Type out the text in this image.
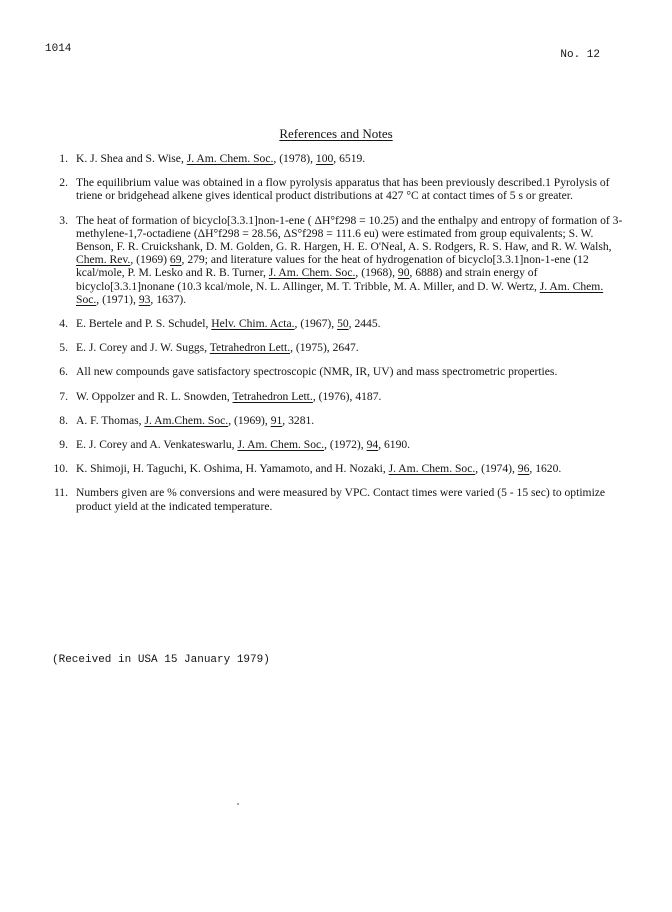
1014	No. 12
References and Notes
1. K. J. Shea and S. Wise, J. Am. Chem. Soc., (1978), 100, 6519.
2. The equilibrium value was obtained in a flow pyrolysis apparatus that has been previously described.1 Pyrolysis of triene or bridgehead alkene gives identical product distributions at 427 °C at contact times of 5 s or greater.
3. The heat of formation of bicyclo[3.3.1]non-1-ene ( ΔH°f298 = 10.25) and the enthalpy and entropy of formation of 3-methylene-1,7-octadiene (ΔH°f298 = 28.56, ΔS°f298 = 111.6 eu) were estimated from group equivalents; S. W. Benson, F. R. Cruickshank, D. M. Golden, G. R. Hargen, H. E. O'Neal, A. S. Rodgers, R. S. Haw, and R. W. Walsh, Chem. Rev., (1969) 69, 279; and literature values for the heat of hydrogenation of bicyclo[3.3.1]non-1-ene (12 kcal/mole, P. M. Lesko and R. B. Turner, J. Am. Chem. Soc., (1968), 90, 6888) and strain energy of bicyclo[3.3.1]nonane (10.3 kcal/mole, N. L. Allinger, M. T. Tribble, M. A. Miller, and D. W. Wertz, J. Am. Chem. Soc., (1971), 93, 1637).
4. E. Bertele and P. S. Schudel, Helv. Chim. Acta., (1967), 50, 2445.
5. E. J. Corey and J. W. Suggs, Tetrahedron Lett., (1975), 2647.
6. All new compounds gave satisfactory spectroscopic (NMR, IR, UV) and mass spectrometric properties.
7. W. Oppolzer and R. L. Snowden, Tetrahedron Lett., (1976), 4187.
8. A. F. Thomas, J. Am.Chem. Soc., (1969), 91, 3281.
9. E. J. Corey and A. Venkateswarlu, J. Am. Chem. Soc., (1972), 94, 6190.
10. K. Shimoji, H. Taguchi, K. Oshima, H. Yamamoto, and H. Nozaki, J. Am. Chem. Soc., (1974), 96, 1620.
11. Numbers given are % conversions and were measured by VPC. Contact times were varied (5 - 15 sec) to optimize product yield at the indicated temperature.
(Received in USA 15 January 1979)
